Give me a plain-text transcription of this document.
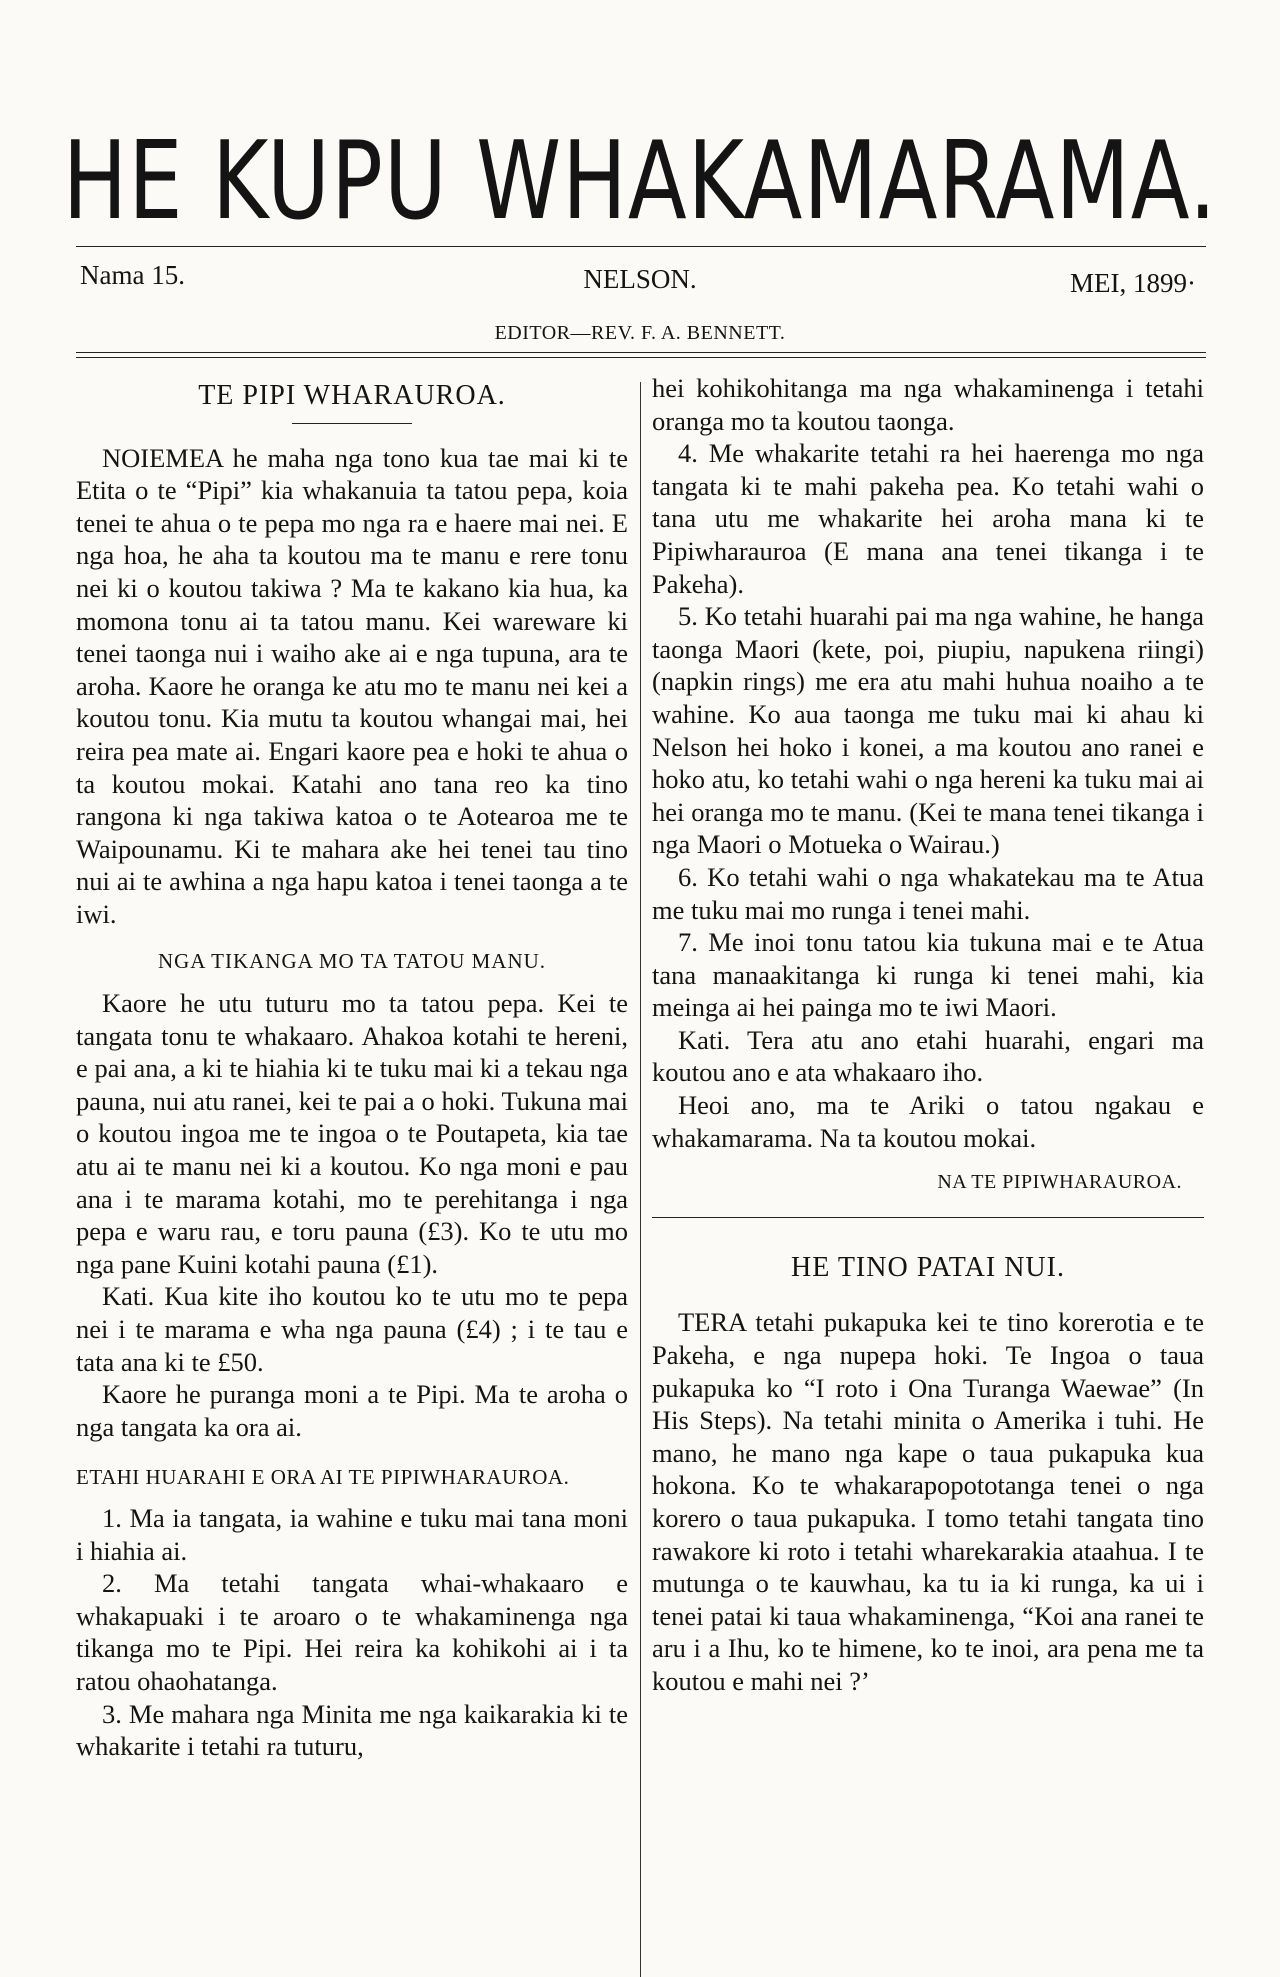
HE KUPU WHAKAMARAMA.
Nama 15.	NELSON.	MEI, 1899·
EDITOR—REV. F. A. BENNETT.

TE PIPI WHARAUROA.

NOIEMEA he maha nga tono kua tae mai ki te Etita o te “Pipi” kia whakanuia ta tatou pepa, koia tenei te ahua o te pepa mo nga ra e haere mai nei. E nga hoa, he aha ta koutou ma te manu e rere tonu nei ki o koutou takiwa ? Ma te kakano kia hua, ka momona tonu ai ta tatou manu. Kei wareware ki tenei taonga nui i waiho ake ai e nga tupuna, ara te aroha. Kaore he oranga ke atu mo te manu nei kei a koutou tonu. Kia mutu ta koutou whangai mai, hei reira pea mate ai. Engari kaore pea e hoki te ahua o ta koutou mokai. Katahi ano tana reo ka tino rangona ki nga takiwa katoa o te Aotearoa me te Waipounamu. Ki te mahara ake hei tenei tau tino nui ai te awhina a nga hapu katoa i tenei taonga a te iwi.

NGA TIKANGA MO TA TATOU MANU.

Kaore he utu tuturu mo ta tatou pepa. Kei te tangata tonu te whakaaro. Ahakoa kotahi te hereni, e pai ana, a ki te hiahia ki te tuku mai ki a tekau nga pauna, nui atu ranei, kei te pai a o hoki. Tukuna mai o koutou ingoa me te ingoa o te Poutapeta, kia tae atu ai te manu nei ki a koutou. Ko nga moni e pau ana i te marama kotahi, mo te perehitanga i nga pepa e waru rau, e toru pauna (£3). Ko te utu mo nga pane Kuini kotahi pauna (£1).

Kati. Kua kite iho koutou ko te utu mo te pepa nei i te marama e wha nga pauna (£4) ; i te tau e tata ana ki te £50.

Kaore he puranga moni a te Pipi. Ma te aroha o nga tangata ka ora ai.

ETAHI HUARAHI E ORA AI TE PIPIWHARAUROA.

1. Ma ia tangata, ia wahine e tuku mai tana moni i hiahia ai.

2. Ma tetahi tangata whai-whakaaro e whakapuaki i te aroaro o te whakaminenga nga tikanga mo te Pipi. Hei reira ka kohikohi ai i ta ratou ohaohatanga.

3. Me mahara nga Minita me nga kaikarakia ki te whakarite i tetahi ra tuturu,

hei kohikohitanga ma nga whakaminenga i tetahi oranga mo ta koutou taonga.

4. Me whakarite tetahi ra hei haerenga mo nga tangata ki te mahi pakeha pea. Ko tetahi wahi o tana utu me whakarite hei aroha mana ki te Pipiwharauroa (E mana ana tenei tikanga i te Pakeha).

5. Ko tetahi huarahi pai ma nga wahine, he hanga taonga Maori (kete, poi, piupiu, napukena riingi) (napkin rings) me era atu mahi huhua noaiho a te wahine. Ko aua taonga me tuku mai ki ahau ki Nelson hei hoko i konei, a ma koutou ano ranei e hoko atu, ko tetahi wahi o nga hereni ka tuku mai ai hei oranga mo te manu. (Kei te mana tenei tikanga i nga Maori o Motueka o Wairau.)

6. Ko tetahi wahi o nga whakatekau ma te Atua me tuku mai mo runga i tenei mahi.

7. Me inoi tonu tatou kia tukuna mai e te Atua tana manaakitanga ki runga ki tenei mahi, kia meinga ai hei painga mo te iwi Maori.

Kati. Tera atu ano etahi huarahi, engari ma koutou ano e ata whakaaro iho.

Heoi ano, ma te Ariki o tatou ngakau e whakamarama. Na ta koutou mokai.

NA TE PIPIWHARAUROA.

HE TINO PATAI NUI.

TERA tetahi pukapuka kei te tino korerotia e te Pakeha, e nga nupepa hoki. Te Ingoa o taua pukapuka ko “I roto i Ona Turanga Waewae” (In His Steps). Na tetahi minita o Amerika i tuhi. He mano, he mano nga kape o taua pukapuka kua hokona. Ko te whakarapopototanga tenei o nga korero o taua pukapuka. I tomo tetahi tangata tino rawakore ki roto i tetahi wharekarakia ataahua. I te mutunga o te kauwhau, ka tu ia ki runga, ka ui i tenei patai ki taua whakaminenga, “Koi ana ranei te aru i a Ihu, ko te himene, ko te inoi, ara pena me ta koutou e mahi nei ?’
